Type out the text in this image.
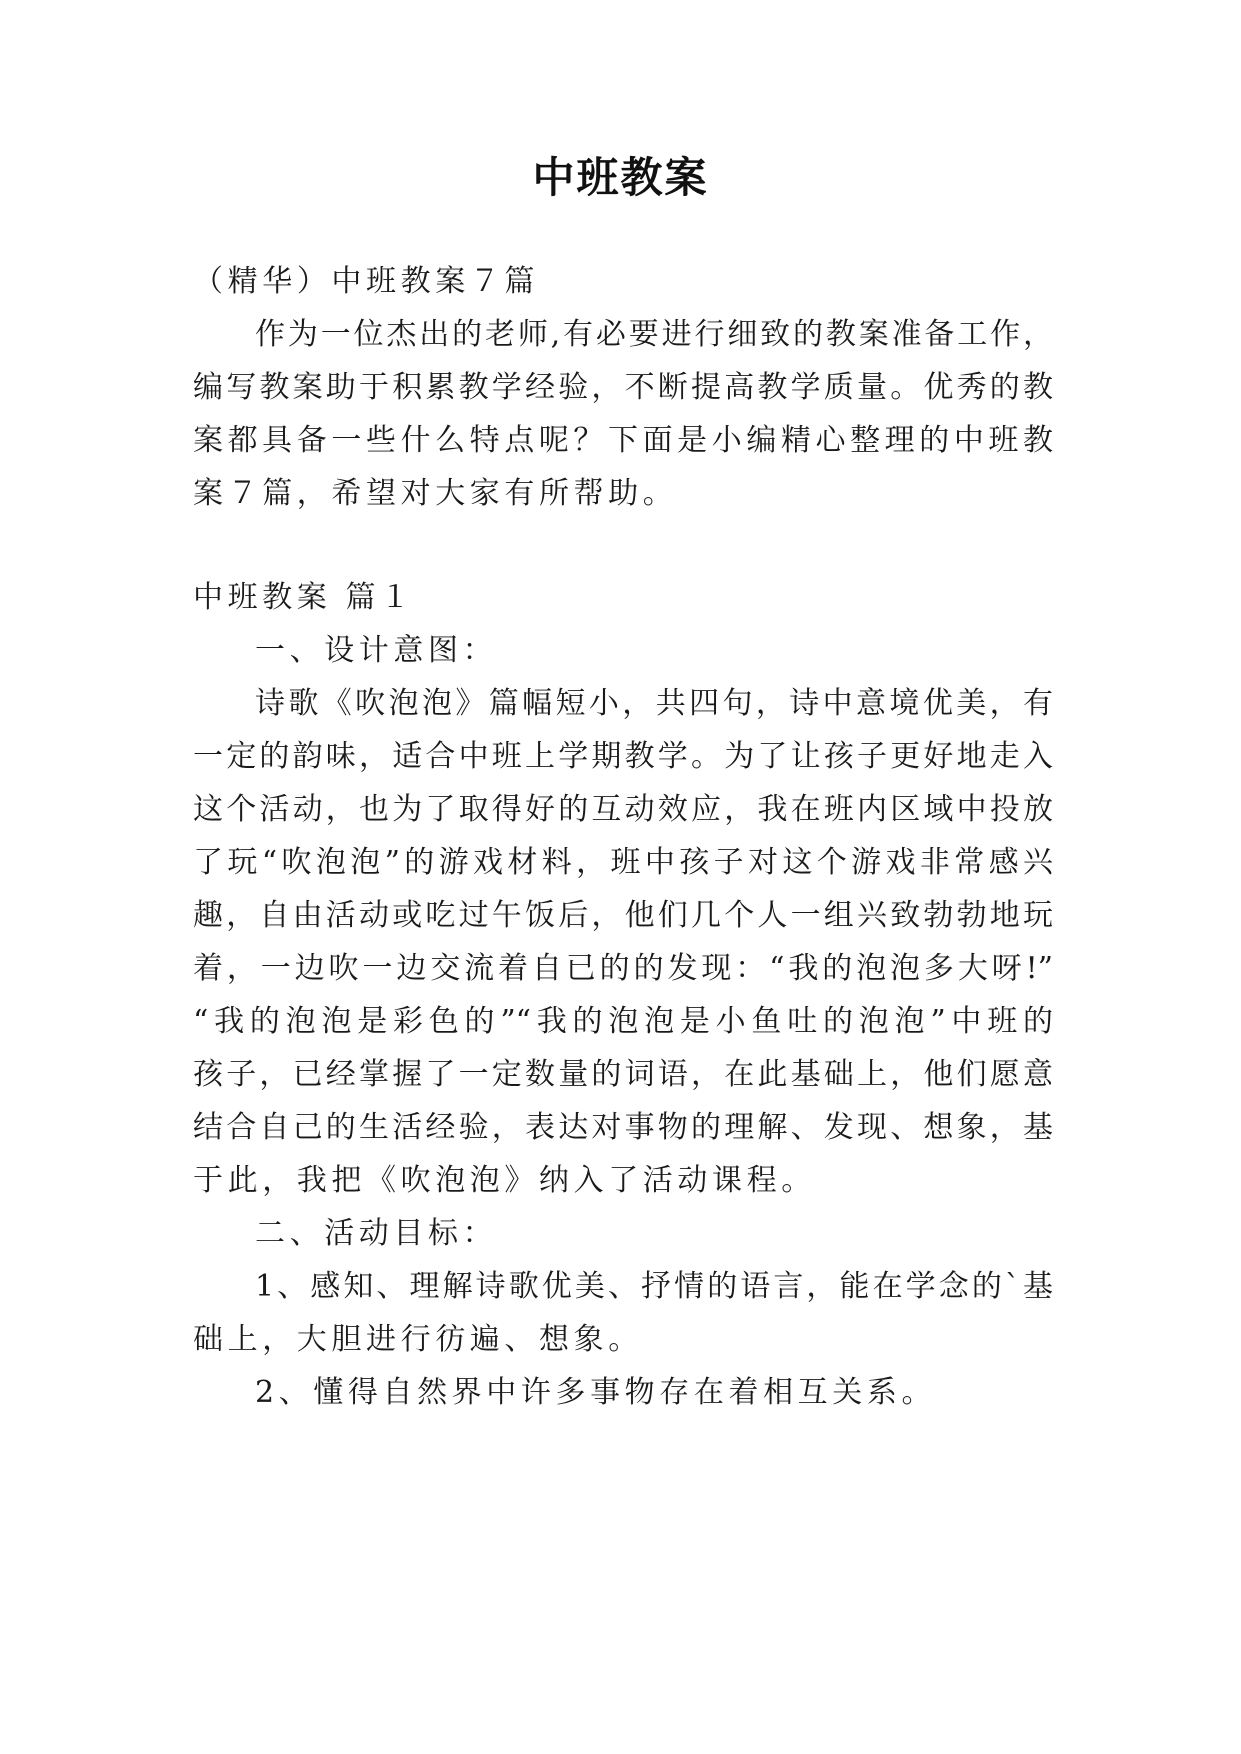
中班教案
（精华）中班教案７篇
作为一位杰出的老师,有必要进行细致的教案准备工作，
编写教案助于积累教学经验，不断提高教学质量。优秀的教
案都具备一些什么特点呢？下面是小编精心整理的中班教
案７篇，希望对大家有所帮助。
中班教案 篇１
一、设计意图：
诗歌《吹泡泡》篇幅短小，共四句，诗中意境优美，有
一定的韵味，适合中班上学期教学。为了让孩子更好地走入
这个活动，也为了取得好的互动效应，我在班内区域中投放
了玩“吹泡泡”的游戏材料，班中孩子对这个游戏非常感兴
趣，自由活动或吃过午饭后，他们几个人一组兴致勃勃地玩
着，一边吹一边交流着自已的的发现：“我的泡泡多大呀!”
“我的泡泡是彩色的”“我的泡泡是小鱼吐的泡泡”中班的
孩子，已经掌握了一定数量的词语，在此基础上，他们愿意
结合自己的生活经验，表达对事物的理解、发现、想象，基
于此，我把《吹泡泡》纳入了活动课程。
二、活动目标：
1、感知、理解诗歌优美、抒情的语言，能在学念的`基
础上，大胆进行彷遍、想象。
2、懂得自然界中许多事物存在着相互关系。
